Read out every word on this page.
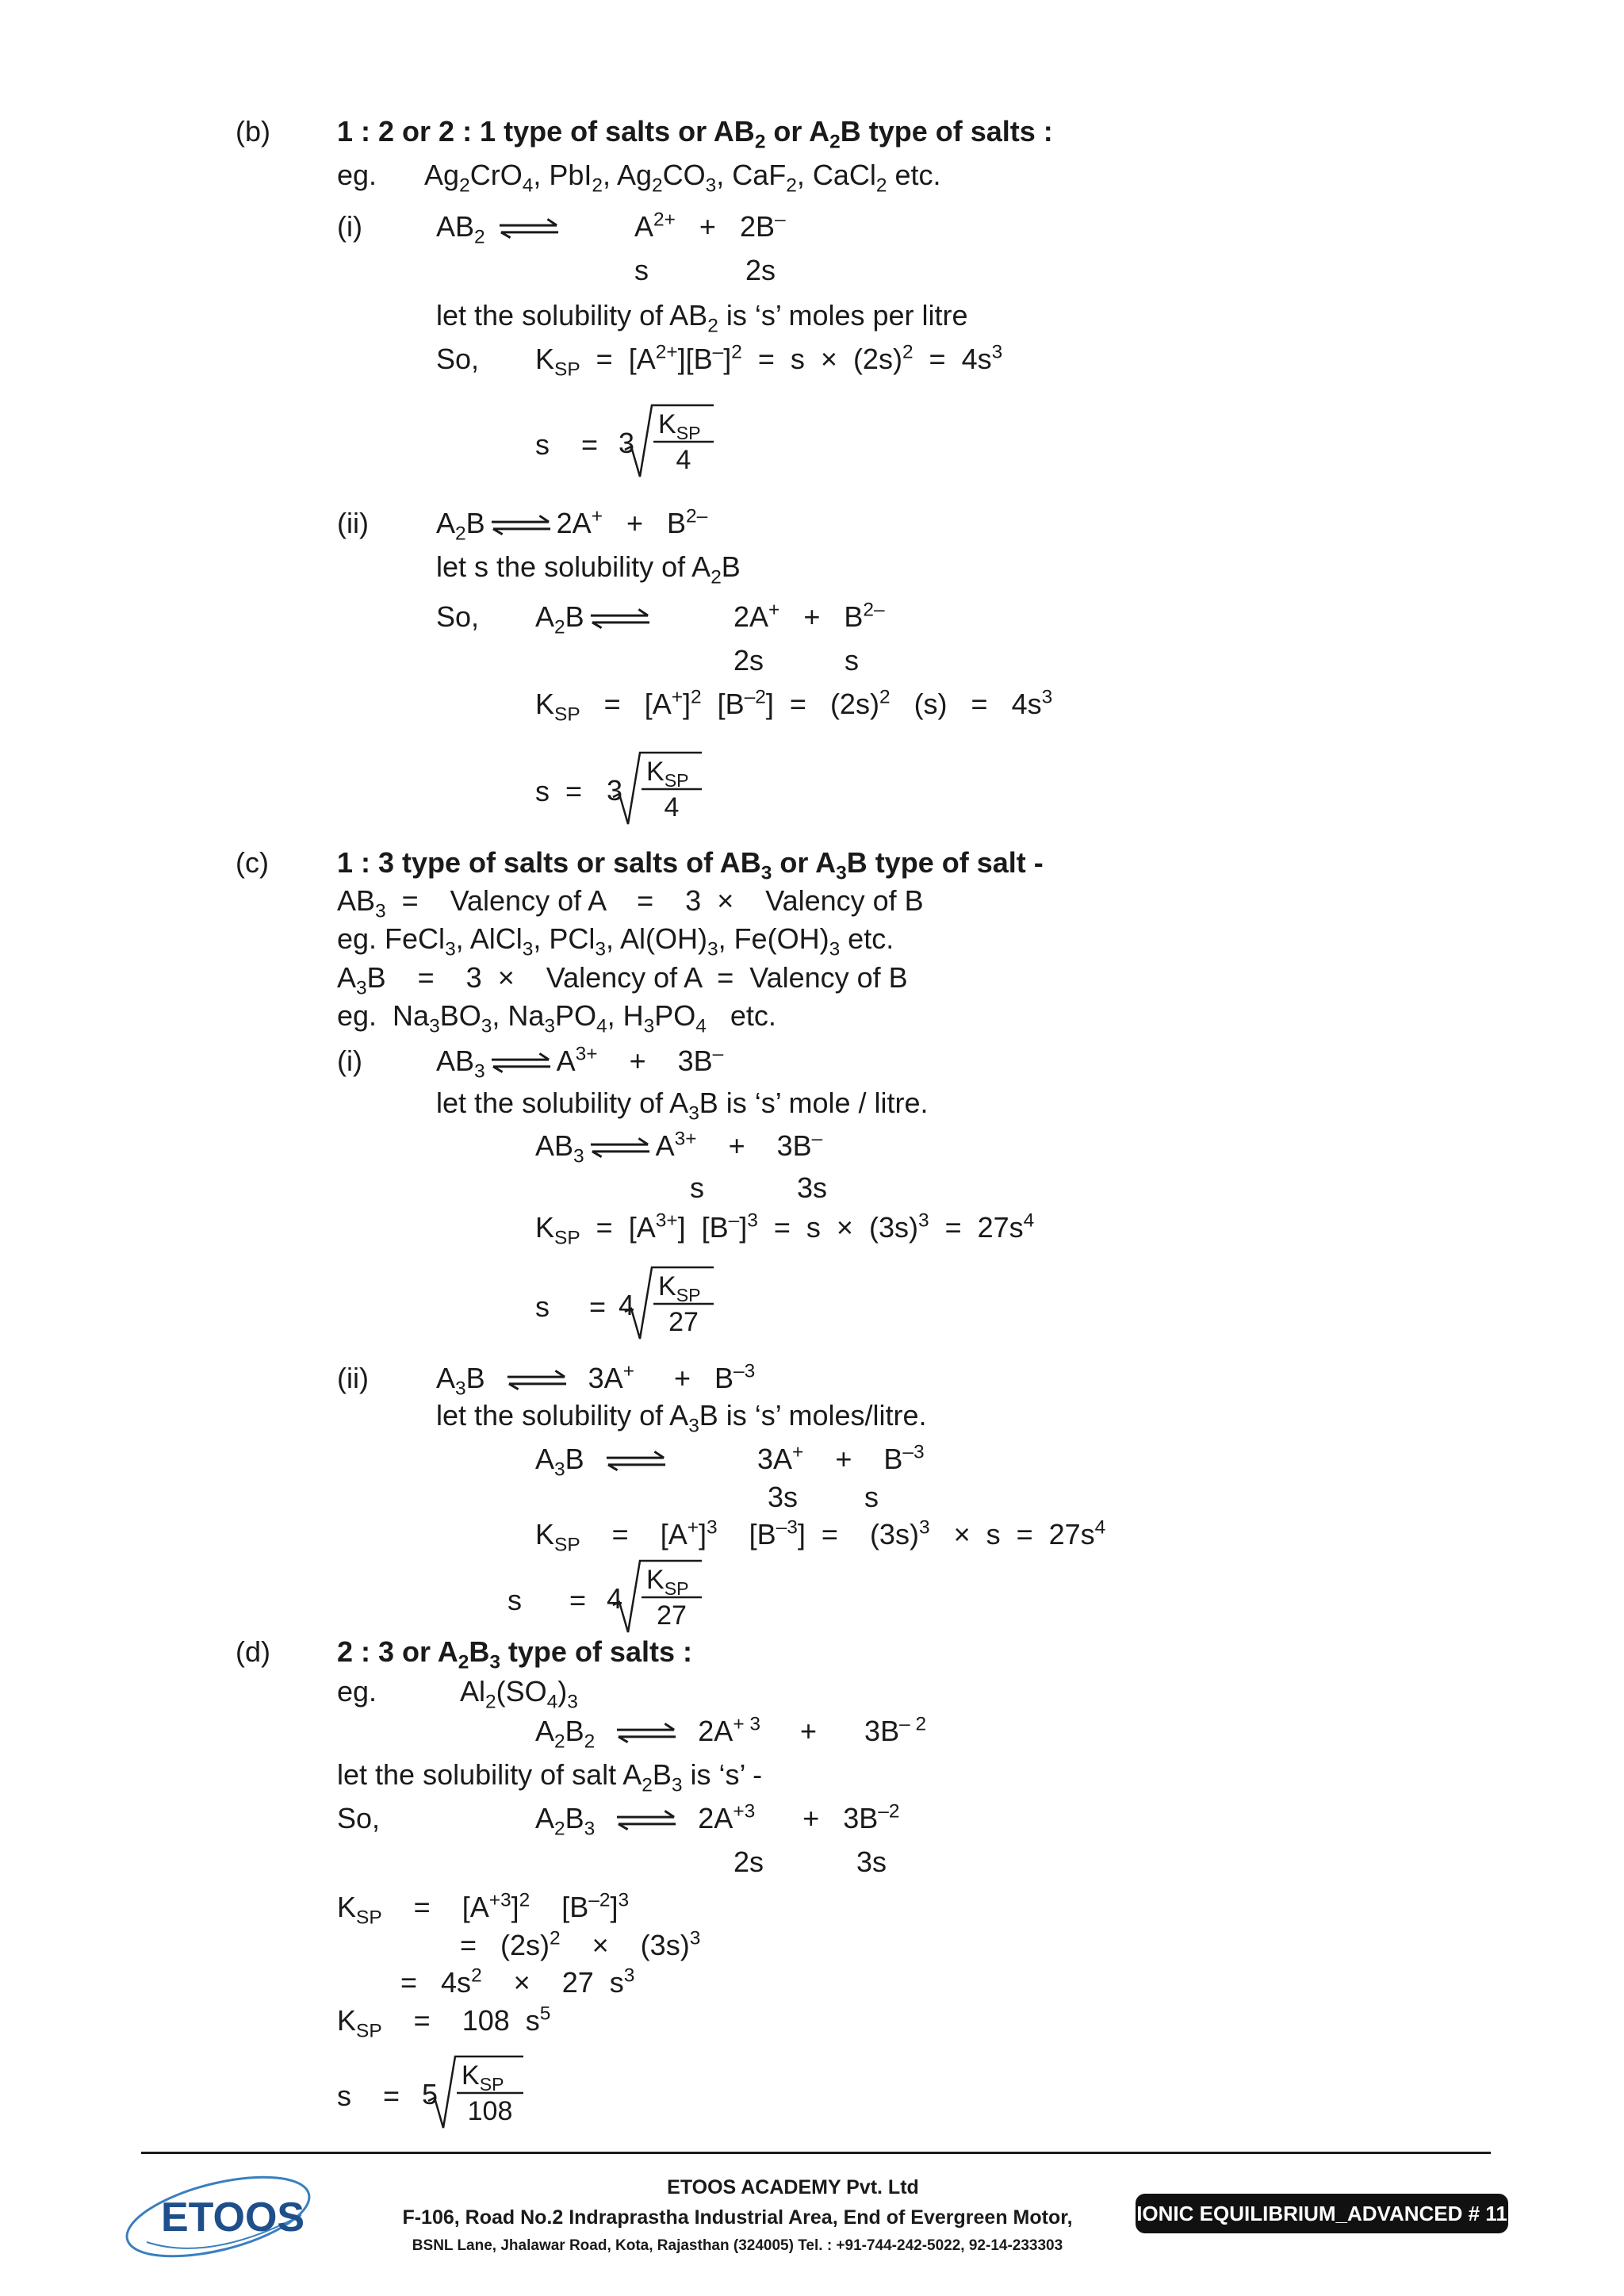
(b) 1 : 2 or 2 : 1 type of salts or $AB_2$ or $A_2B$ type of salts :
eg. $Ag_2CrO_4$, PbI$_2$, $Ag_2CO_3$, CaF$_2$, CaCl$_2$ etc.
(i)	$AB_2$ ⇌	$A^{2+} + 2B^-$
s	2s
let the solubility of $AB_2$ is ‘s’ moles per litre
So, $K_{SP} = [A^{2+}][B^-]^2 = s \times (2s)^2 = 4s^3$
s    = 3
$K_{SP}$
4
(ii) $A_2B$ ⇌ $2A^+ + B^{2-}$
let s the solubility of $A_2B$
So, $A_2B$ ⇌	$2A^+ + B^{2-}$
2s	s
$K_{SP} = [A^+]^2$  $[B^{-2}] = (2s)^2$   $(s) = 4s^3$
s  = 3
$K_{SP}$
4
(c) 1 : 3 type of salts or salts of $AB_3$ or $A_3B$ type of salt -
$AB_3$  =    Valency of A    =    3  ×    Valency of B
eg. FeCl$_3$, AlCl$_3$, PCl$_3$, $Al(OH)_3$, $Fe(OH)_3$ etc.
$A_3B$    =    3  ×    Valency of A  =  Valency of B
eg.  $Na_3BO_3$, $Na_3PO_4$, $H_3PO_4$   etc.
(i)	$AB_3$ ⇌ $A^{3+}$    +    3B–
let the solubility of $A_3B$ is ‘s’ mole / litre.
$AB_3$ ⇌ $A^{3+}$    +    3B–
s	3s
$K_{SP} = [A^{3+}] [B^-]^3 = s \times (3s)^3 = 27s^4$
s     = 4
$K_{SP}$
27
(ii) $A_3B$ ⇌ 3A+     +   $B^{-3}$
let the solubility of $A_3B$ is ‘s’ moles/litre.
$A_3B$ ⇌	3A+    +    $B^{-3}$
3s s
$K_{SP}$    =    $[A^+]^3$    $[B^{-3}]$  =    $(3s)^3 \times s = 27s^4$
s      = 4
$K_{SP}$
27
(d) 2 : 3 or $A_2B_3$ type of salts :
eg.	$Al_2(SO_4)_3$
$A_2B_2$ ⇌ $2A^{+ 3}$     +      $3B^{- 2}$
let the solubility of salt $A_2B_3$ is ‘s’ -
So,	$A_2B_3$ ⇌ $2A^{+3}$      +   $3B^{-2}$
2s	3s
$K_{SP}$    =    $[A^{+3}]^2$    $[B^{-2}]^3$
=   $(2s)^2$    ×    $(3s)^3$
=   $4s^2$    ×    27  $s^3$
$K_{SP}$    =    108  $s^5$
s    = 5
$K_{SP}$
108
ETOOS
ETOOS ACADEMY Pvt. Ltd
F-106, Road No.2 Indraprastha Industrial Area, End of Evergreen Motor,
BSNL Lane, Jhalawar Road, Kota, Rajasthan (324005) Tel. : +91-744-242-5022, 92-14-233303
IONIC EQUILIBRIUM_ADVANCED # 11
